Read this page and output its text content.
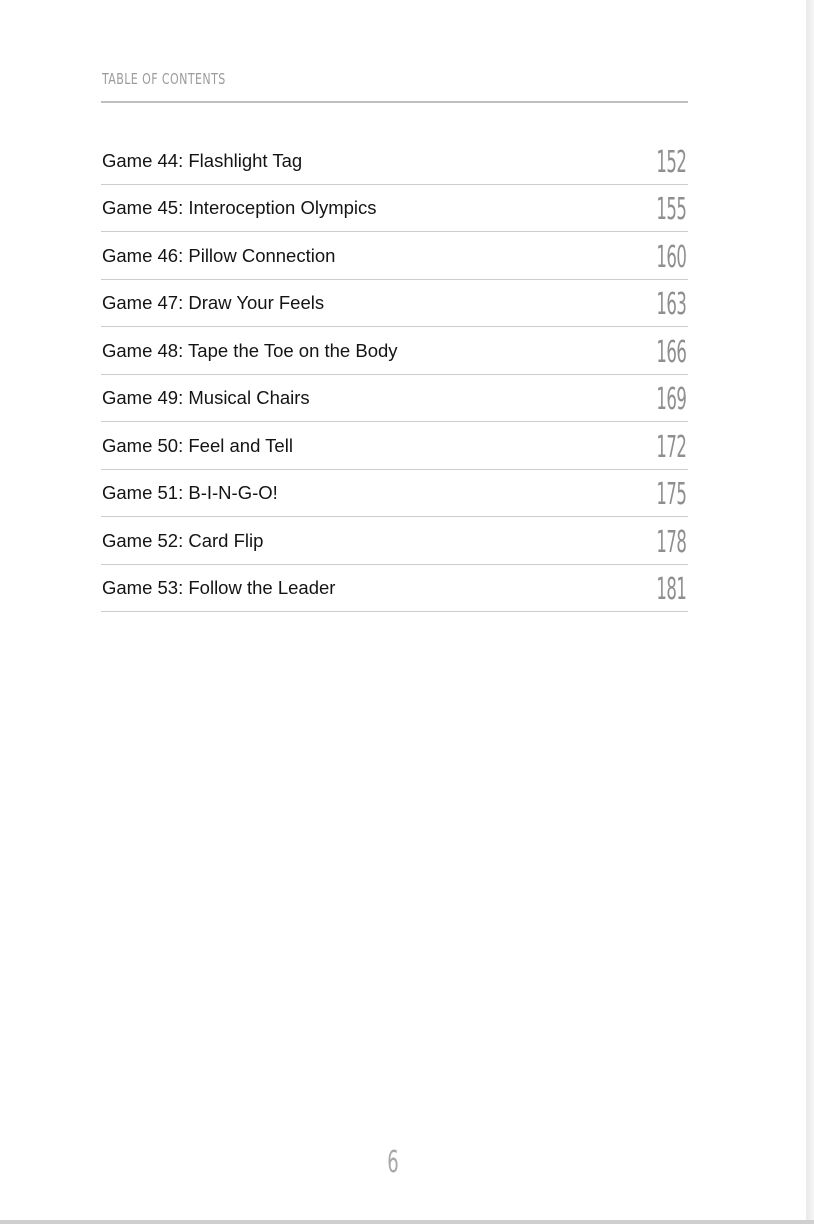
TABLE OF CONTENTS
Game 44: Flashlight Tag	152
Game 45: Interoception Olympics	155
Game 46: Pillow Connection	160
Game 47: Draw Your Feels	163
Game 48: Tape the Toe on the Body	166
Game 49: Musical Chairs	169
Game 50: Feel and Tell	172
Game 51: B-I-N-G-O!	175
Game 52: Card Flip	178
Game 53: Follow the Leader	181
6
